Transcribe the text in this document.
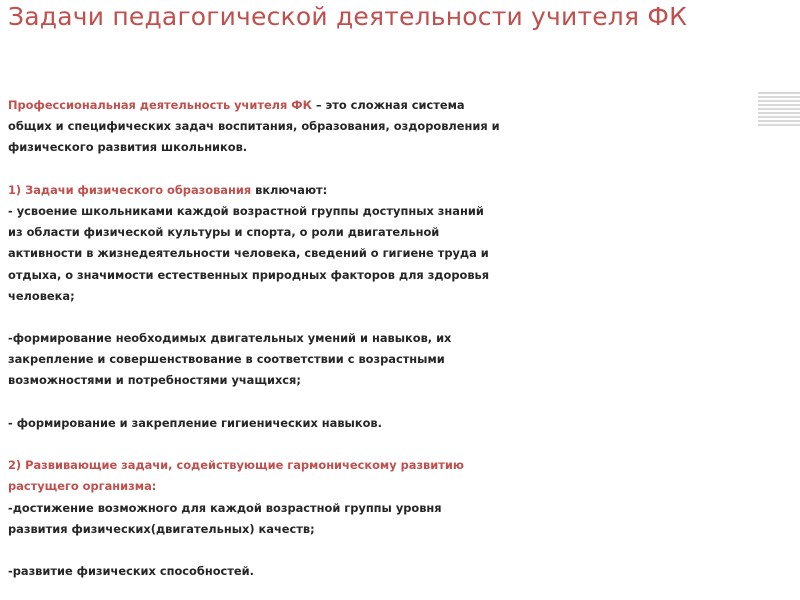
Задачи педагогической деятельности учителя ФК
Профессиональная деятельность учителя ФК – это сложная система
общих и специфических задач воспитания, образования, оздоровления и
физического развития школьников.
1) Задачи физического образования включают:
- усвоение школьниками каждой возрастной группы доступных знаний
из области физической культуры и спорта, о роли двигательной
активности в жизнедеятельности человека, сведений о гигиене труда и
отдыха, о значимости естественных природных факторов для здоровья
человека;
-формирование необходимых двигательных умений и навыков, их
закрепление и совершенствование в соответствии с возрастными
возможностями и потребностями учащихся;
- формирование и закрепление гигиенических навыков.
2) Развивающие задачи, содействующие гармоническому развитию
растущего организма:
-достижение возможного для каждой возрастной группы уровня
развития физических(двигательных) качеств;
-развитие физических способностей.
